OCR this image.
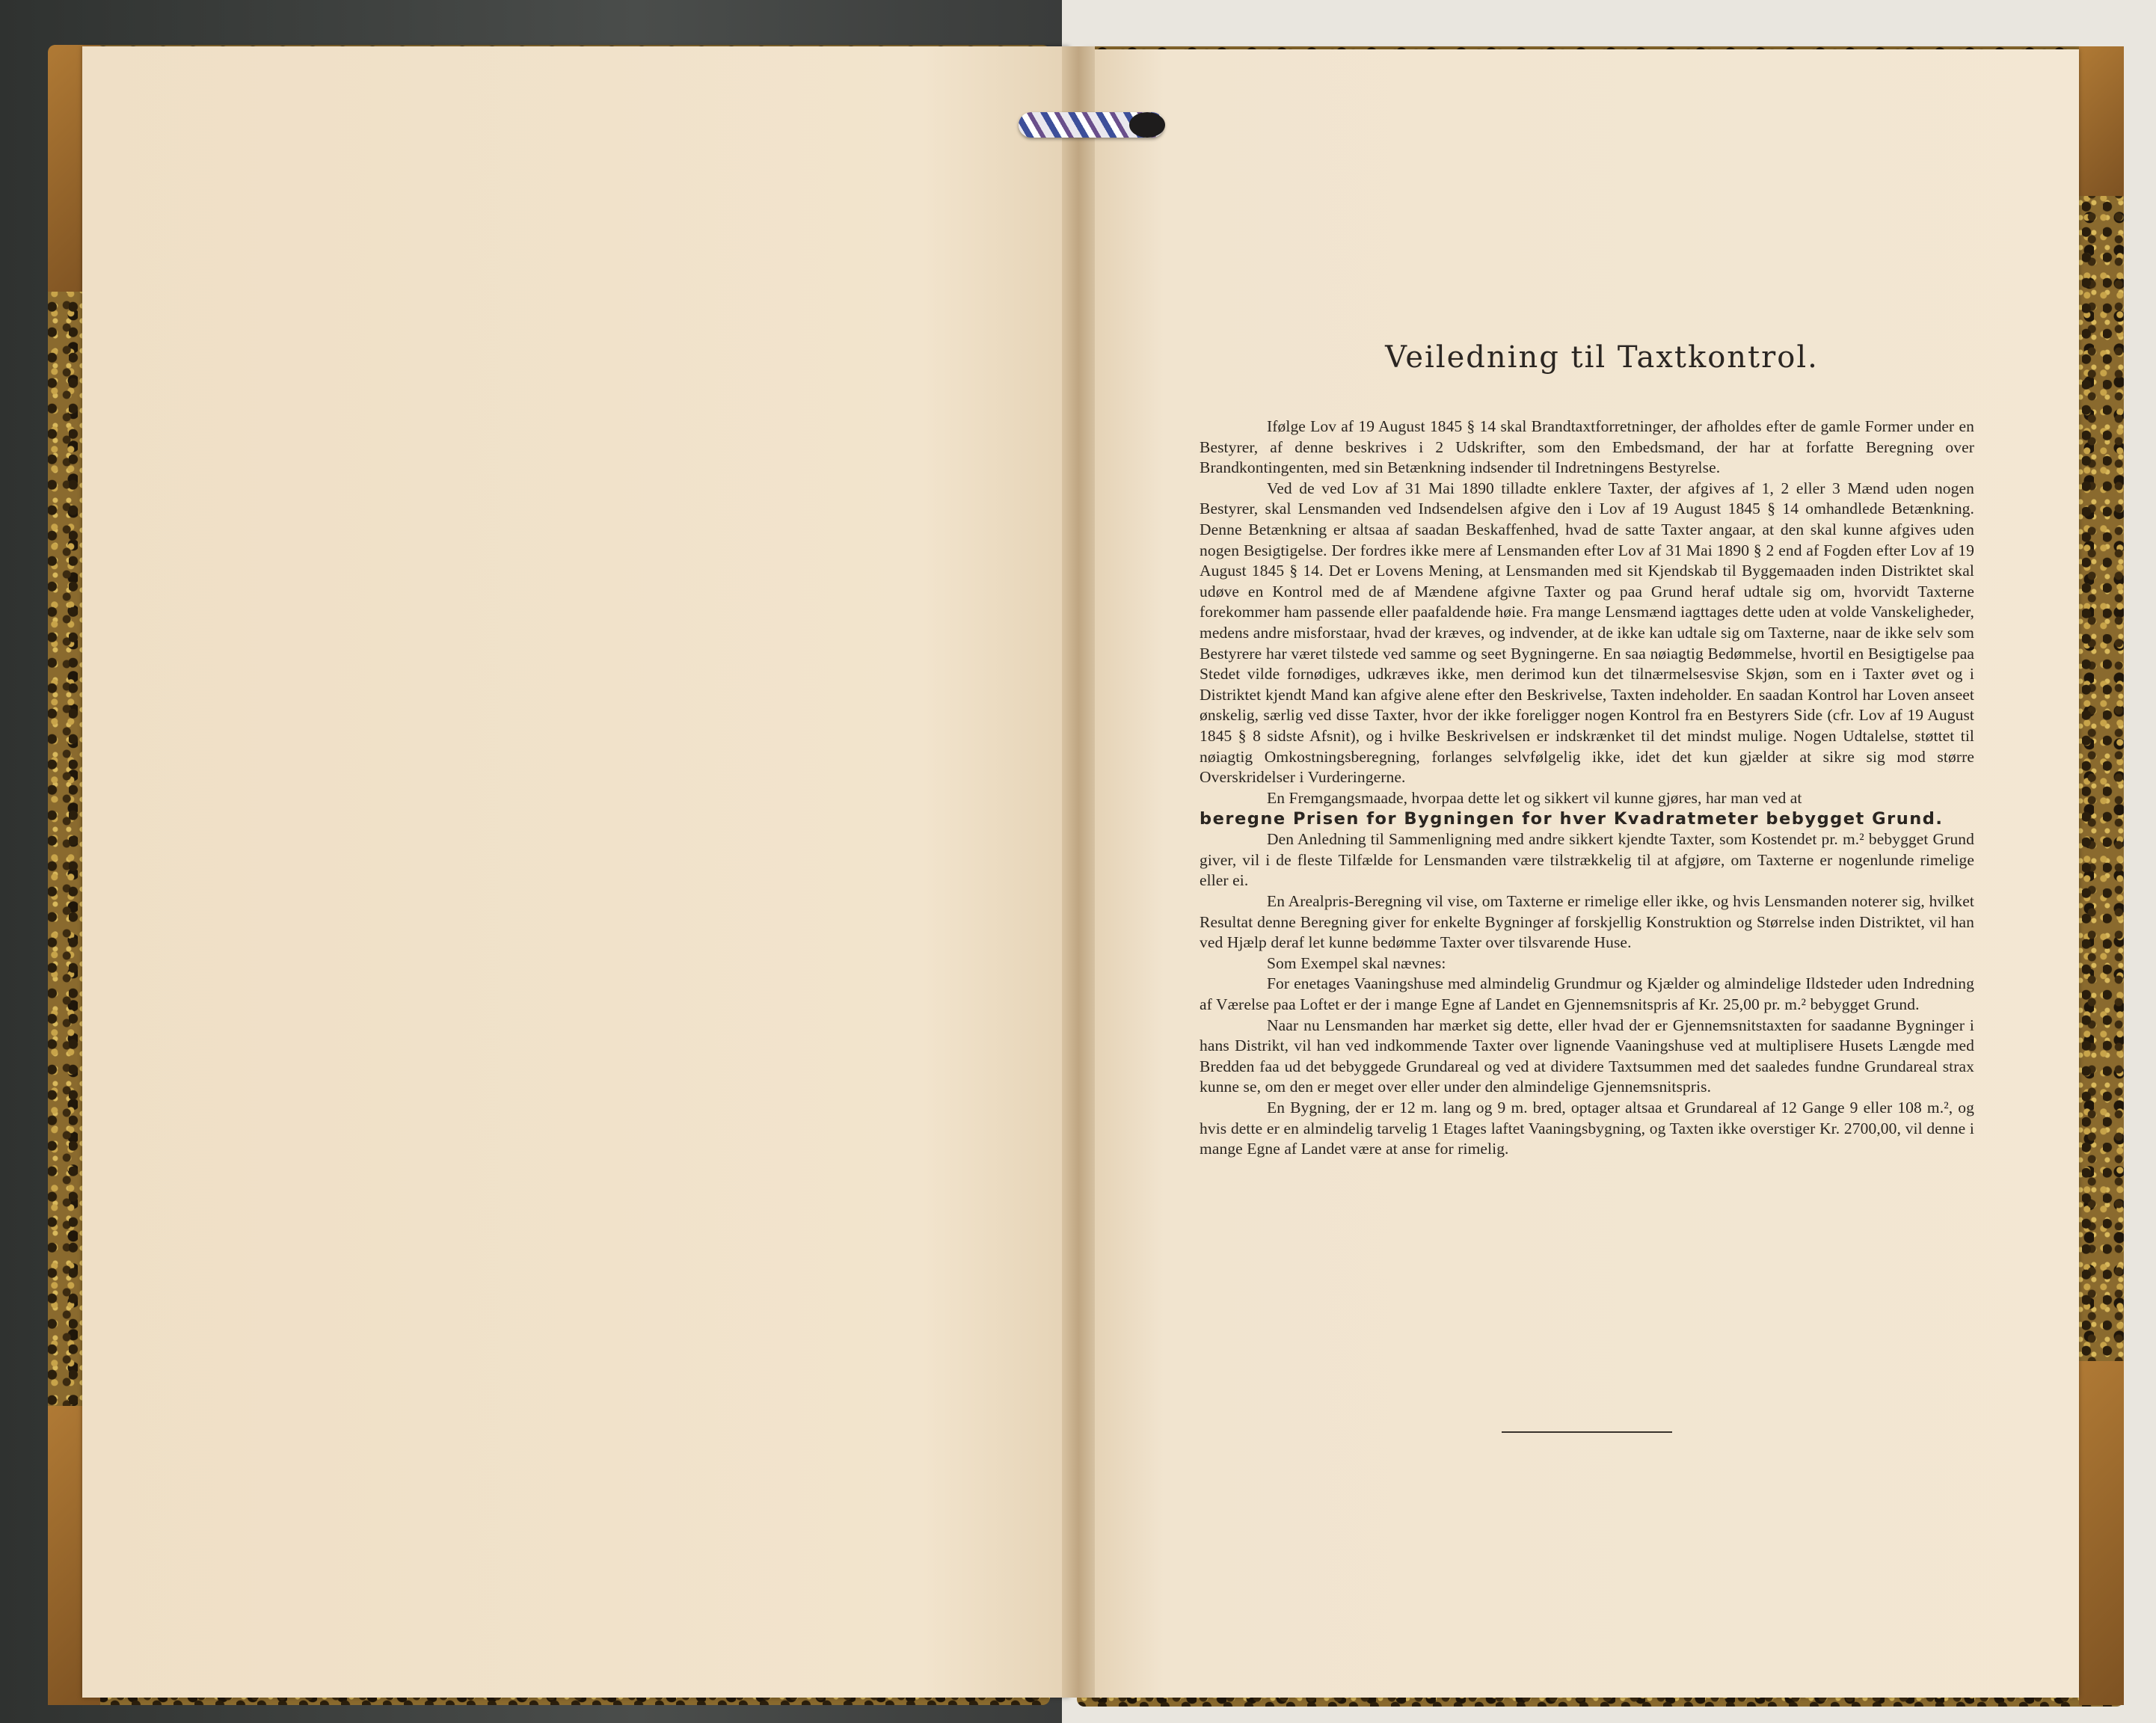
Veiledning til Taxtkontrol.

Ifølge Lov af 19 August 1845 § 14 skal Brandtaxtforretninger, der afholdes efter de gamle Former under en Bestyrer, af denne beskrives i 2 Udskrifter, som den Embedsmand, der har at forfatte Beregning over Brandkontingenten, med sin Betænkning indsender til Indretningens Bestyrelse.

Ved de ved Lov af 31 Mai 1890 tilladte enklere Taxter, der afgives af 1, 2 eller 3 Mænd uden nogen Bestyrer, skal Lensmanden ved Indsendelsen afgive den i Lov af 19 August 1845 § 14 omhandlede Betænkning. Denne Betænkning er altsaa af saadan Beskaffenhed, hvad de satte Taxter angaar, at den skal kunne afgives uden nogen Besigtigelse. Der fordres ikke mere af Lensmanden efter Lov af 31 Mai 1890 § 2 end af Fogden efter Lov af 19 August 1845 § 14. Det er Lovens Mening, at Lensmanden med sit Kjendskab til Byggemaaden inden Distriktet skal udøve en Kontrol med de af Mændene afgivne Taxter og paa Grund heraf udtale sig om, hvorvidt Taxterne forekommer ham passende eller paafaldende høie. Fra mange Lensmænd iagttages dette uden at volde Vanskeligheder, medens andre misforstaar, hvad der kræves, og indvender, at de ikke kan udtale sig om Taxterne, naar de ikke selv som Bestyrere har været tilstede ved samme og seet Bygningerne. En saa nøiagtig Bedømmelse, hvortil en Besigtigelse paa Stedet vilde fornødiges, udkræves ikke, men derimod kun det tilnærmelsesvise Skjøn, som en i Taxter øvet og i Distriktet kjendt Mand kan afgive alene efter den Beskrivelse, Taxten indeholder. En saadan Kontrol har Loven anseet ønskelig, særlig ved disse Taxter, hvor der ikke foreligger nogen Kontrol fra en Bestyrers Side (cfr. Lov af 19 August 1845 § 8 sidste Afsnit), og i hvilke Beskrivelsen er indskrænket til det mindst mulige. Nogen Udtalelse, støttet til nøiagtig Omkostningsberegning, forlanges selvfølgelig ikke, idet det kun gjælder at sikre sig mod større Overskridelser i Vurderingerne.

En Fremgangsmaade, hvorpaa dette let og sikkert vil kunne gjøres, har man ved at

beregne Prisen for Bygningen for hver Kvadratmeter bebygget Grund.

Den Anledning til Sammenligning med andre sikkert kjendte Taxter, som Kostendet pr. m.² bebygget Grund giver, vil i de fleste Tilfælde for Lensmanden være tilstrækkelig til at afgjøre, om Taxterne er nogenlunde rimelige eller ei.

En Arealpris-Beregning vil vise, om Taxterne er rimelige eller ikke, og hvis Lensmanden noterer sig, hvilket Resultat denne Beregning giver for enkelte Bygninger af forskjellig Konstruktion og Størrelse inden Distriktet, vil han ved Hjælp deraf let kunne bedømme Taxter over tilsvarende Huse.

Som Exempel skal nævnes:

For enetages Vaaningshuse med almindelig Grundmur og Kjælder og almindelige Ildsteder uden Indredning af Værelse paa Loftet er der i mange Egne af Landet en Gjennemsnitspris af Kr. 25,00 pr. m.² bebygget Grund.

Naar nu Lensmanden har mærket sig dette, eller hvad der er Gjennemsnitstaxten for saadanne Bygninger i hans Distrikt, vil han ved indkommende Taxter over lignende Vaaningshuse ved at multiplisere Husets Længde med Bredden faa ud det bebyggede Grundareal og ved at dividere Taxtsummen med det saaledes fundne Grundareal strax kunne se, om den er meget over eller under den almindelige Gjennemsnitspris.

En Bygning, der er 12 m. lang og 9 m. bred, optager altsaa et Grundareal af 12 Gange 9 eller 108 m.², og hvis dette er en almindelig tarvelig 1 Etages laftet Vaaningsbygning, og Taxten ikke overstiger Kr. 2700,00, vil denne i mange Egne af Landet være at anse for rimelig.
